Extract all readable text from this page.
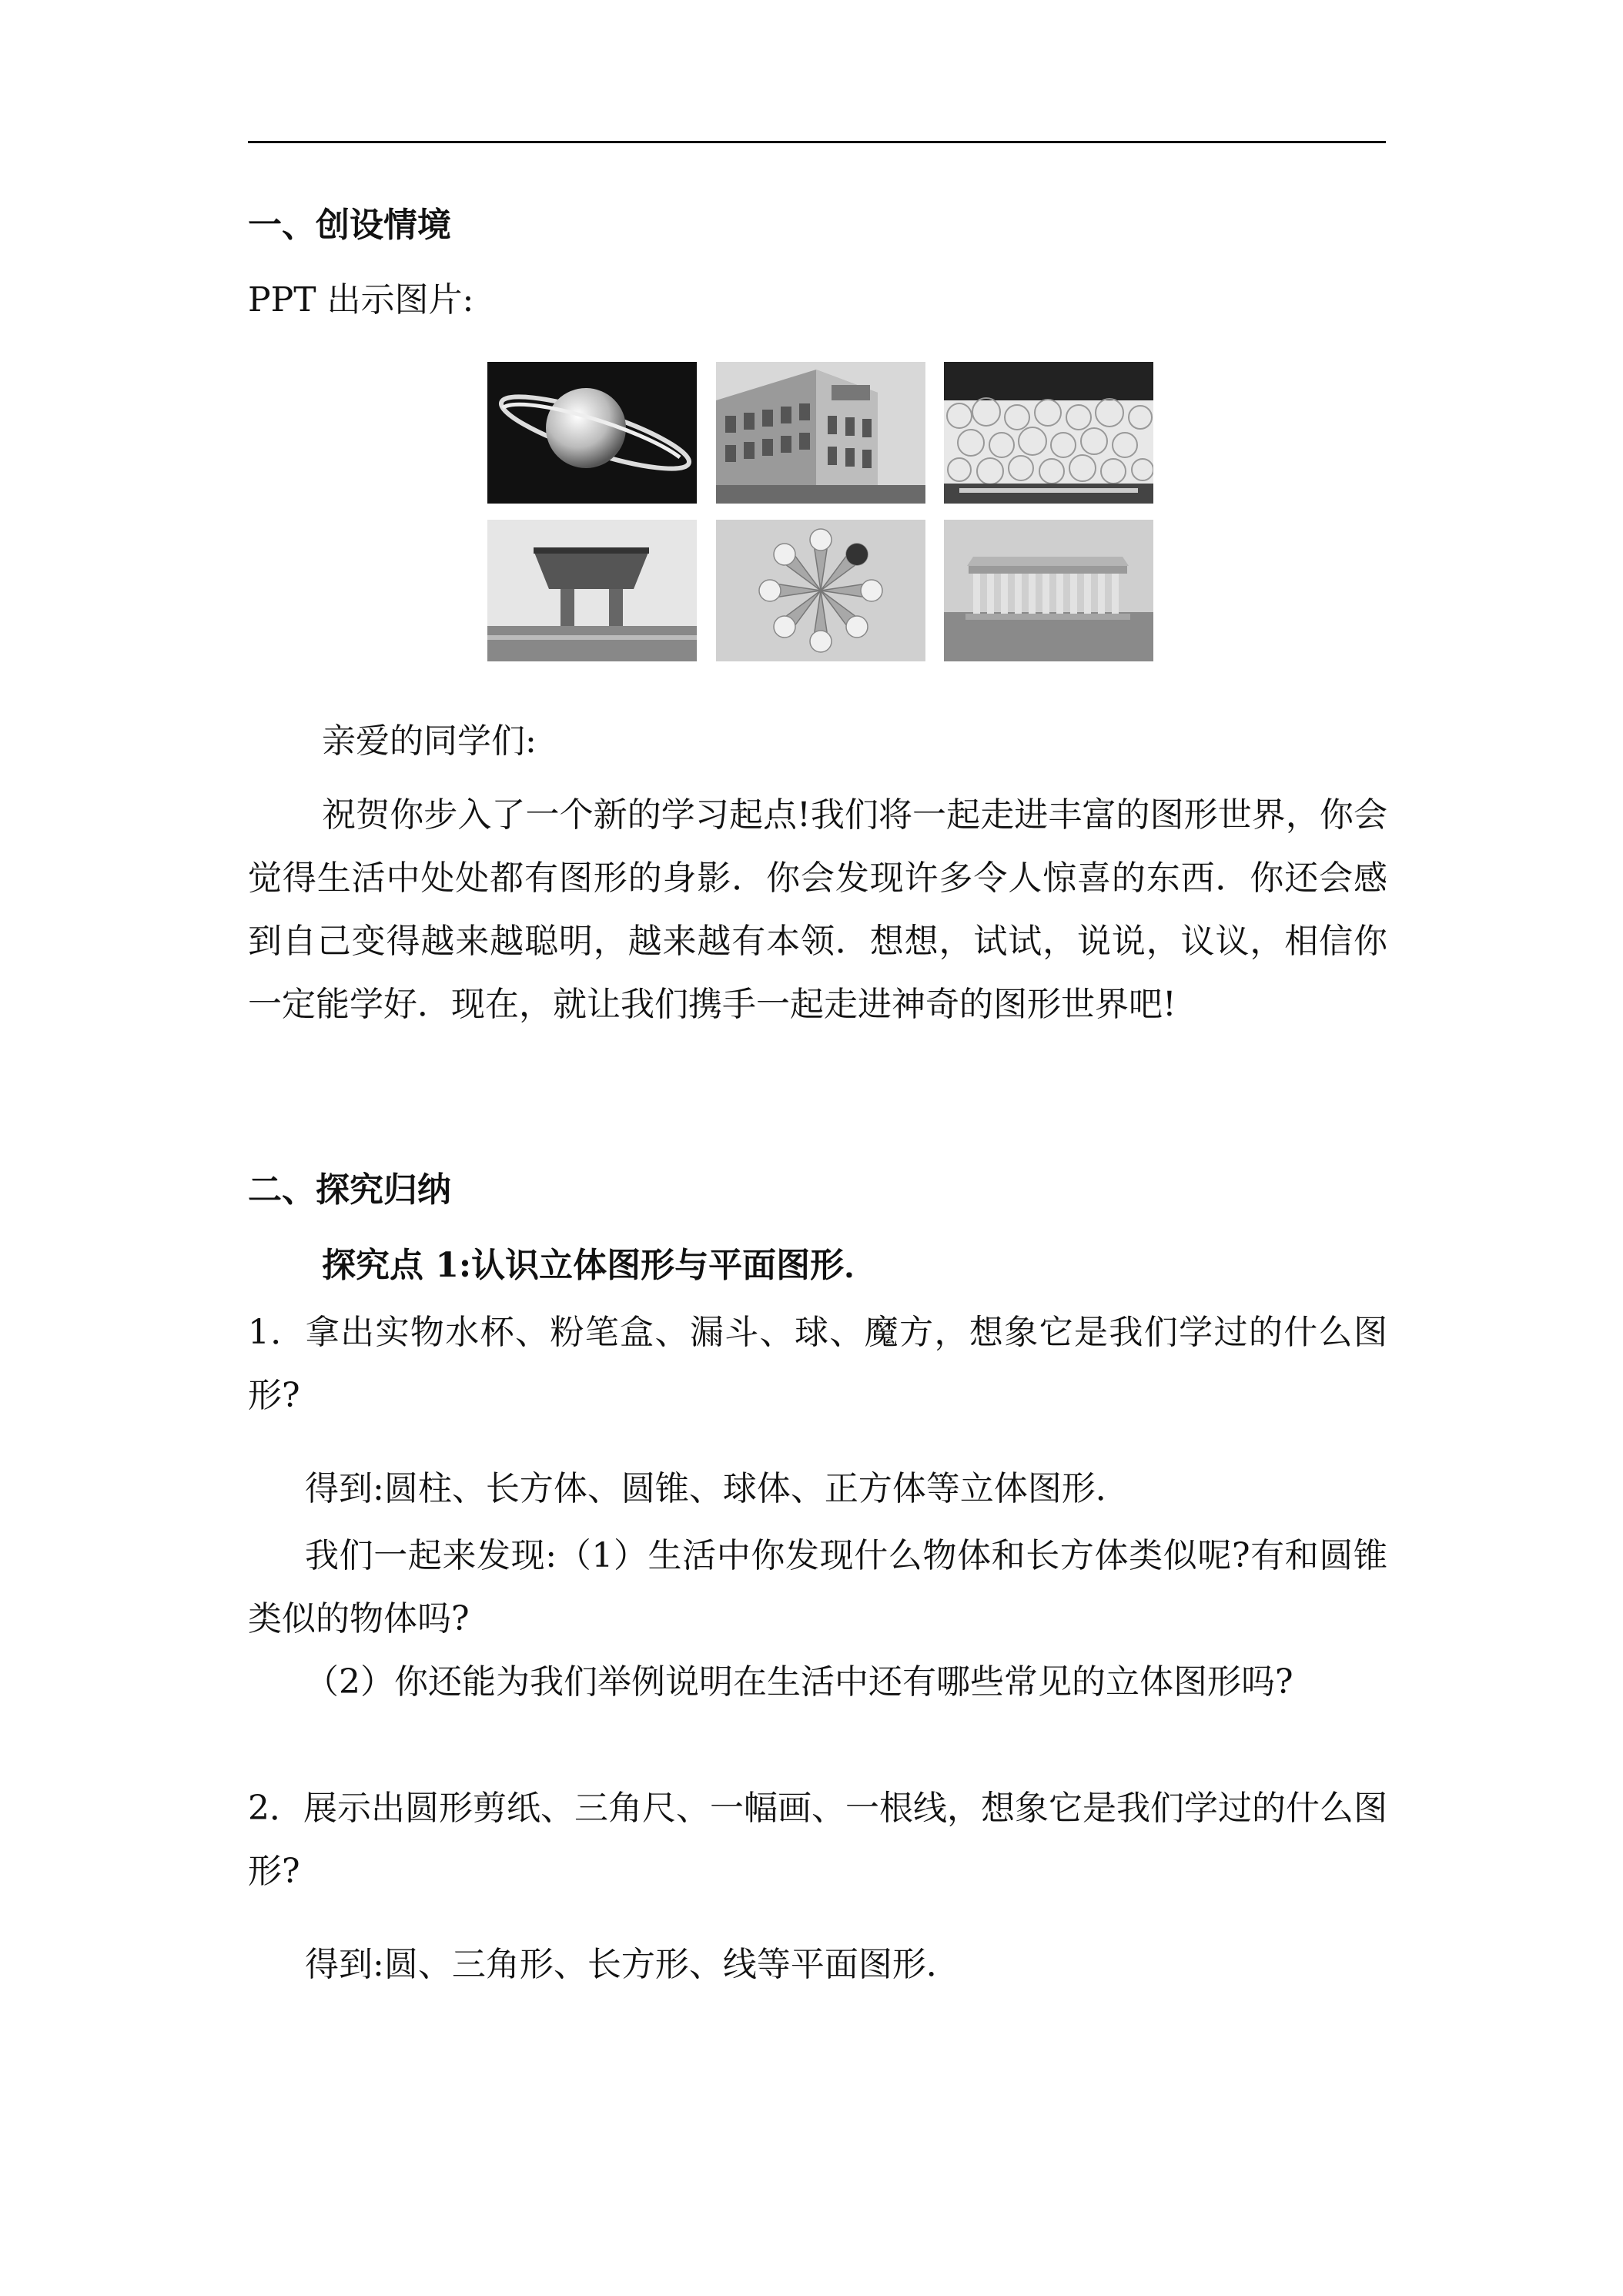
一、创设情境
PPT 出示图片:
亲爱的同学们:
祝贺你步入了一个新的学习起点!我们将一起走进丰富的图形世界，你会觉得生活中处处都有图形的身影．你会发现许多令人惊喜的东西．你还会感到自己变得越来越聪明，越来越有本领．想想，试试，说说，议议，相信你一定能学好．现在，就让我们携手一起走进神奇的图形世界吧!
二、探究归纳
探究点 1:认识立体图形与平面图形．
1．拿出实物水杯、粉笔盒、漏斗、球、魔方，想象它是我们学过的什么图形?
得到:圆柱、长方体、圆锥、球体、正方体等立体图形．
我们一起来发现:（1）生活中你发现什么物体和长方体类似呢?有和圆锥类似的物体吗?
（2）你还能为我们举例说明在生活中还有哪些常见的立体图形吗?
2．展示出圆形剪纸、三角尺、一幅画、一根线，想象它是我们学过的什么图形?
得到:圆、三角形、长方形、线等平面图形．
